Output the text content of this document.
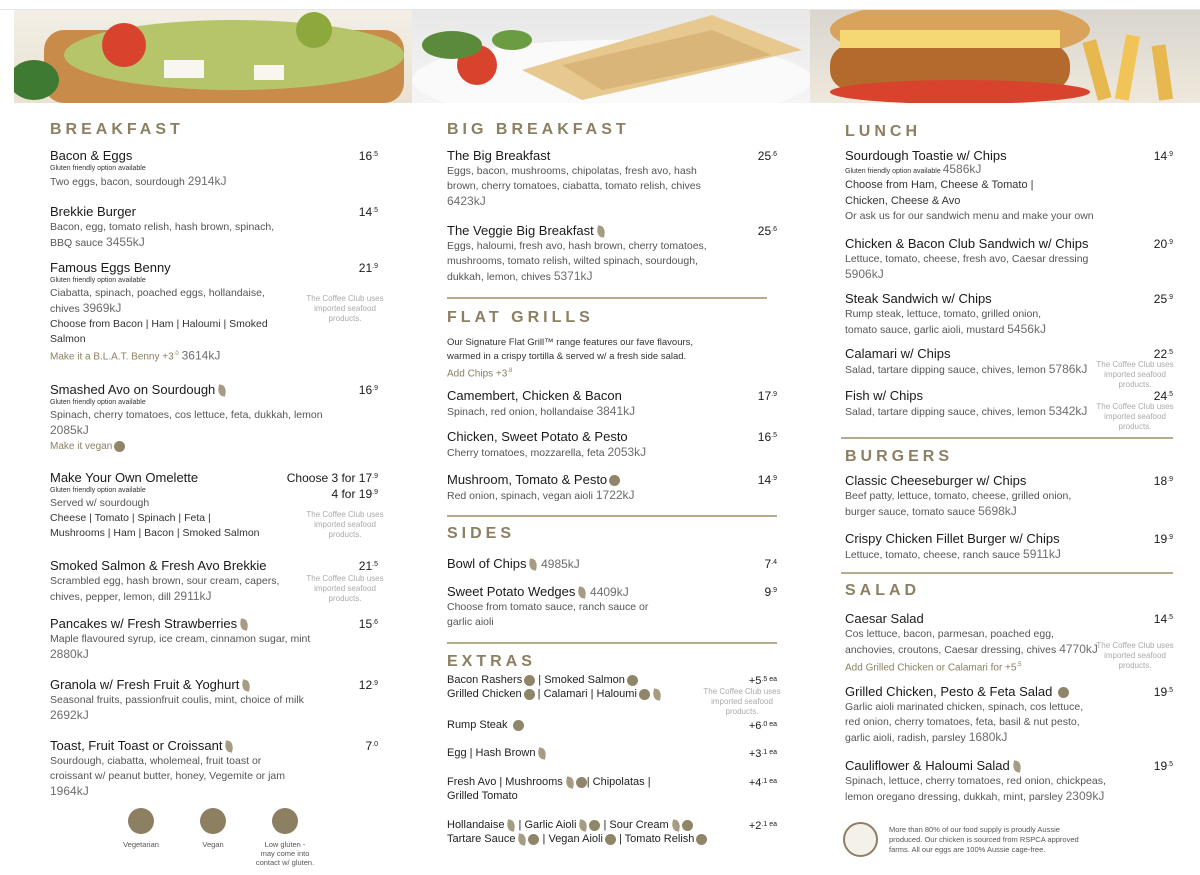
BREAKFAST
Bacon & Eggs	$16^{.5}$
Gluten friendly option available
Two eggs, bacon, sourdough 2914kJ
Brekkie Burger	$14^{.5}$
Bacon, egg, tomato relish, hash brown, spinach,
BBQ sauce 3455kJ
Famous Eggs Benny	$21^{.9}$
Gluten friendly option available
Ciabatta, spinach, poached eggs, hollandaise,
chives 3969kJ
Choose from Bacon | Ham | Haloumi | Smoked
Salmon
Make it a B.L.A.T. Benny $+3^{.0}$ 3614kJ
The Coffee Club uses imported seafood products.
Smashed Avo on Sourdough	$16^{.9}$
Gluten friendly option available
Spinach, cherry tomatoes, cos lettuce, feta, dukkah, lemon
2085kJ
Make it vegan
Make Your Own Omelette	Choose 3 for $17^{.9}$
4 for $19^{.9}$
Gluten friendly option available
Served w/ sourdough
Cheese | Tomato | Spinach | Feta |
Mushrooms | Ham | Bacon | Smoked Salmon
The Coffee Club uses imported seafood products.
Smoked Salmon & Fresh Avo Brekkie	$21^{.5}$
Scrambled egg, hash brown, sour cream, capers,
chives, pepper, lemon, dill 2911kJ
The Coffee Club uses imported seafood products.
Pancakes w/ Fresh Strawberries	$15^{.6}$
Maple flavoured syrup, ice cream, cinnamon sugar, mint
2880kJ
Granola w/ Fresh Fruit & Yoghurt	$12^{.9}$
Seasonal fruits, passionfruit coulis, mint, choice of milk
2692kJ
Toast, Fruit Toast or Croissant	$7^{.0}$
Sourdough, ciabatta, wholemeal, fruit toast or
croissant w/ peanut butter, honey, Vegemite or jam
1964kJ
Vegetarian	Vegan	Low gluten -
may come into
contact w/ gluten.
BIG BREAKFAST
The Big Breakfast	$25^{.6}$
Eggs, bacon, mushrooms, chipolatas, fresh avo, hash
brown, cherry tomatoes, ciabatta, tomato relish, chives
6423kJ
The Veggie Big Breakfast	$25^{.6}$
Eggs, haloumi, fresh avo, hash brown, cherry tomatoes,
mushrooms, tomato relish, wilted spinach, sourdough,
dukkah, lemon, chives 5371kJ
FLAT GRILLS
Our Signature Flat Grill™ range features our fave flavours,
warmed in a crispy tortilla & served w/ a fresh side salad.
Add Chips $+3^{.8}$
Camembert, Chicken & Bacon	$17^{.9}$
Spinach, red onion, hollandaise 3841kJ
Chicken, Sweet Potato & Pesto	$16^{.5}$
Cherry tomatoes, mozzarella, feta 2053kJ
Mushroom, Tomato & Pesto	$14^{.9}$
Red onion, spinach, vegan aioli 1722kJ
SIDES
Bowl of Chips 4985kJ	$7^{.4}$
Sweet Potato Wedges 4409kJ	$9^{.9}$
Choose from tomato sauce, ranch sauce or
garlic aioli
EXTRAS
Bacon Rashers | Smoked Salmon
Grilled Chicken | Calamari | Haloumi
$+5^{.5 ea}$
The Coffee Club uses imported seafood products.
Rump Steak	$+6^{.0 ea}$
Egg | Hash Brown	$+3^{.1 ea}$
Fresh Avo | Mushrooms | Chipolatas |
Grilled Tomato
$+4^{.1 ea}$
Hollandaise | Garlic Aioli | Sour Cream
Tartare Sauce | Vegan Aioli | Tomato Relish
$+2^{.1 ea}$
LUNCH
Sourdough Toastie w/ Chips	$14^{.9}$
Gluten friendly option available 4586kJ
Choose from Ham, Cheese & Tomato |
Chicken, Cheese & Avo
Or ask us for our sandwich menu and make your own
Chicken & Bacon Club Sandwich w/ Chips	$20^{.9}$
Lettuce, tomato, cheese, fresh avo, Caesar dressing
5906kJ
Steak Sandwich w/ Chips	$25^{.9}$
Rump steak, lettuce, tomato, grilled onion,
tomato sauce, garlic aioli, mustard 5456kJ
Calamari w/ Chips	$22^{.5}$
Salad, tartare dipping sauce, chives, lemon 5786kJ	The Coffee Club uses imported seafood products.
Fish w/ Chips	$24^{.5}$
Salad, tartare dipping sauce, chives, lemon 5342kJ	The Coffee Club uses imported seafood products.
BURGERS
Classic Cheeseburger w/ Chips	$18^{.9}$
Beef patty, lettuce, tomato, cheese, grilled onion,
burger sauce, tomato sauce 5698kJ
Crispy Chicken Fillet Burger w/ Chips	$19^{.9}$
Lettuce, tomato, cheese, ranch sauce 5911kJ
SALAD
Caesar Salad	$14^{.5}$
Cos lettuce, bacon, parmesan, poached egg,
anchovies, croutons, Caesar dressing, chives 4770kJ
Add Grilled Chicken or Calamari for $+5^{.5}$
The Coffee Club uses imported seafood products.
Grilled Chicken, Pesto & Feta Salad	$19^{.5}$
Garlic aioli marinated chicken, spinach, cos lettuce,
red onion, cherry tomatoes, feta, basil & nut pesto,
garlic aioli, radish, parsley 1680kJ
Cauliflower & Haloumi Salad	$19^{.5}$
Spinach, lettuce, cherry tomatoes, red onion, chickpeas,
lemon oregano dressing, dukkah, mint, parsley 2309kJ
More than 80% of our food supply is proudly Aussie
produced. Our chicken is sourced from RSPCA approved
farms. All our eggs are 100% Aussie cage-free.
